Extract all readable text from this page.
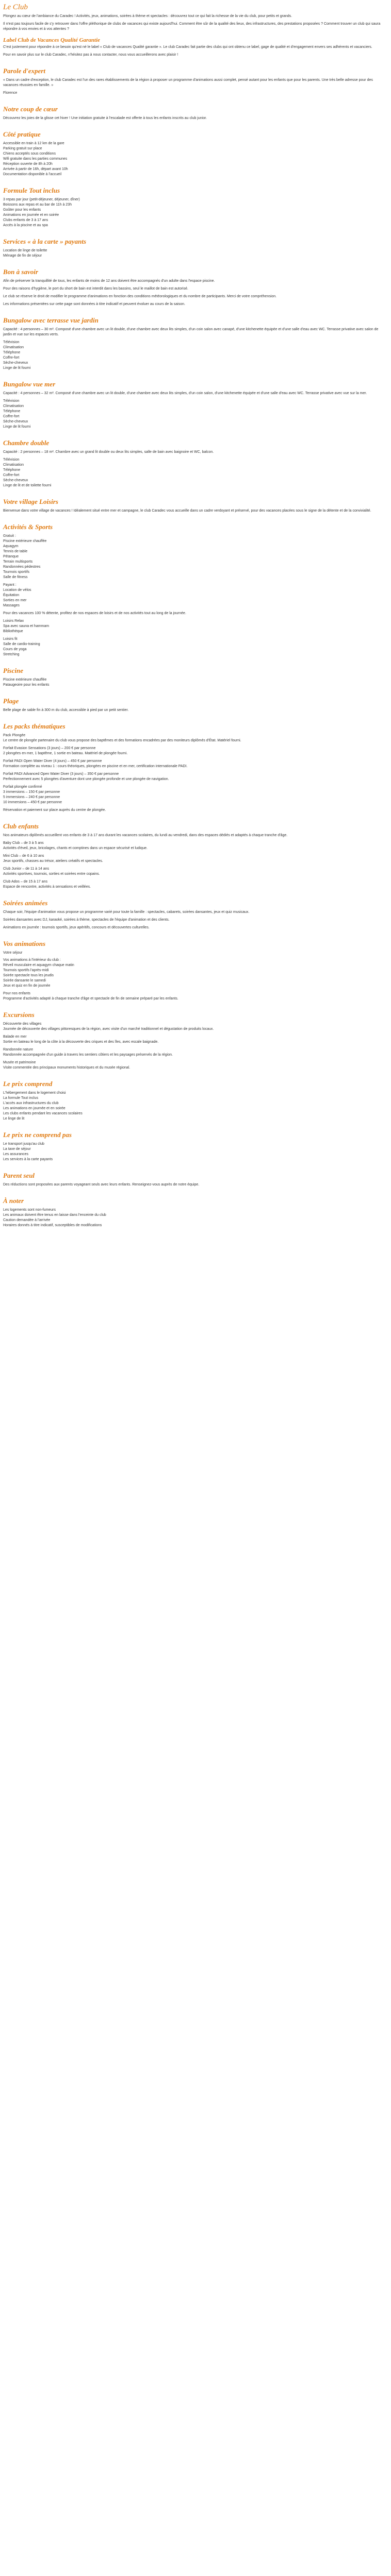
Le Club

Plongez au cœur de l'ambiance du Caradec ! Activités, jeux, animations, soirées à thème et spectacles : découvrez tout ce qui fait la richesse de la vie du club, pour petits et grands.

Il n'est pas toujours facile de s'y retrouver dans l'offre pléthorique de clubs de vacances qui existe aujourd'hui. Comment être sûr de la qualité des lieux, des infrastructures, des prestations proposées ? Comment trouver un club qui saura répondre à vos envies et à vos attentes ?

Label Club de Vacances Qualité Garantie

C'est justement pour répondre à ce besoin qu'est né le label « Club de vacances Qualité garantie ». Le club Caradec fait partie des clubs qui ont obtenu ce label, gage de qualité et d'engagement envers ses adhérents et vacanciers.

Pour en savoir plus sur le club Caradec, n'hésitez pas à nous contacter, nous vous accueillerons avec plaisir !

Parole d'expert

« Dans un cadre d'exception, le club Caradec est l'un des rares établissements de la région à proposer un programme d'animations aussi complet, pensé autant pour les enfants que pour les parents. Une très belle adresse pour des vacances réussies en famille. »

Florence

Notre coup de cœur

Découvrez les joies de la glisse cet hiver ! Une initiation gratuite à l'escalade est offerte à tous les enfants inscrits au club junior.

Côté pratique
Accessible en train à 12 km de la gare
Parking gratuit sur place
Chiens acceptés sous conditions
Wifi gratuite dans les parties communes
Réception ouverte de 8h à 20h
Arrivée à partir de 16h, départ avant 10h
Documentation disponible à l'accueil
Formule Tout inclus
3 repas par jour (petit-déjeuner, déjeuner, dîner)
Boissons aux repas et au bar de 11h à 23h
Goûter pour les enfants
Animations en journée et en soirée
Clubs enfants de 3 à 17 ans
Accès à la piscine et au spa
Services « à la carte » payants
Location de linge de toilette
Ménage de fin de séjour
Bon à savoir

Afin de préserver la tranquillité de tous, les enfants de moins de 12 ans doivent être accompagnés d'un adulte dans l'espace piscine.

Pour des raisons d'hygiène, le port du short de bain est interdit dans les bassins, seul le maillot de bain est autorisé.

Le club se réserve le droit de modifier le programme d'animations en fonction des conditions météorologiques et du nombre de participants. Merci de votre compréhension.

Les informations présentées sur cette page sont données à titre indicatif et peuvent évoluer au cours de la saison.

Bungalow avec terrasse vue jardin

Capacité : 4 personnes – 30 m². Composé d'une chambre avec un lit double, d'une chambre avec deux lits simples, d'un coin salon avec canapé, d'une kitchenette équipée et d'une salle d'eau avec WC. Terrasse privative avec salon de jardin et vue sur les espaces verts.

Télévision
Climatisation
Téléphone
Coffre-fort
Sèche-cheveux
Linge de lit fourni
Bungalow vue mer

Capacité : 4 personnes – 32 m². Composé d'une chambre avec un lit double, d'une chambre avec deux lits simples, d'un coin salon, d'une kitchenette équipée et d'une salle d'eau avec WC. Terrasse privative avec vue sur la mer.

Télévision
Climatisation
Téléphone
Coffre-fort
Sèche-cheveux
Linge de lit fourni
Chambre double

Capacité : 2 personnes – 18 m². Chambre avec un grand lit double ou deux lits simples, salle de bain avec baignoire et WC, balcon.

Télévision
Climatisation
Téléphone
Coffre-fort
Sèche-cheveux
Linge de lit et de toilette fourni
Votre village Loisirs

Bienvenue dans votre village de vacances ! Idéalement situé entre mer et campagne, le club Caradec vous accueille dans un cadre verdoyant et préservé, pour des vacances placées sous le signe de la détente et de la convivialité.

Activités & Sports
Gratuit :
Piscine extérieure chauffée
Aquagym
Tennis de table
Pétanque
Terrain multisports
Randonnées pédestres
Tournois sportifs
Salle de fitness
Payant :
Location de vélos
Équitation
Sorties en mer
Massages

Pour des vacances 100 % détente, profitez de nos espaces de loisirs et de nos activités tout au long de la journée.

Loisirs Relax
Spa avec sauna et hammam
Bibliothèque
Loisirs fit
Salle de cardio-training
Cours de yoga
Stretching
Piscine
Piscine extérieure chauffée
Pataugeoire pour les enfants
Plage

Belle plage de sable fin à 300 m du club, accessible à pied par un petit sentier.

Les packs thématiques
Pack Plongée

Le centre de plongée partenaire du club vous propose des baptêmes et des formations encadrées par des moniteurs diplômés d'État. Matériel fourni.

Forfait Evasion Sensations (3 jours) – 200 € par personne

2 plongées en mer, 1 baptême, 1 sortie en bateau. Matériel de plongée fourni.

Forfait PADI Open Water Diver (4 jours) – 450 € par personne

Formation complète au niveau 1 : cours théoriques, plongées en piscine et en mer, certification internationale PADI.

Forfait PADI Advanced Open Water Diver (3 jours) – 350 € par personne

Perfectionnement avec 5 plongées d'aventure dont une plongée profonde et une plongée de navigation.

Forfait plongée confirmé
3 immersions – 150 € par personne
5 immersions – 240 € par personne
10 immersions – 450 € par personne

Réservation et paiement sur place auprès du centre de plongée.

Club enfants

Nos animateurs diplômés accueillent vos enfants de 3 à 17 ans durant les vacances scolaires, du lundi au vendredi, dans des espaces dédiés et adaptés à chaque tranche d'âge.

Baby Club – de 3 à 5 ans

Activités d'éveil, jeux, bricolages, chants et comptines dans un espace sécurisé et ludique.

Mini Club – de 6 à 10 ans

Jeux sportifs, chasses au trésor, ateliers créatifs et spectacles.

Club Junior – de 11 à 14 ans

Activités sportives, tournois, sorties et soirées entre copains.

Club Ados – de 15 à 17 ans

Espace de rencontre, activités à sensations et veillées.

Soirées animées

Chaque soir, l'équipe d'animation vous propose un programme varié pour toute la famille : spectacles, cabarets, soirées dansantes, jeux et quiz musicaux.

Soirées dansantes avec DJ, karaoké, soirées à thème, spectacles de l'équipe d'animation et des clients.

Animations en journée : tournois sportifs, jeux apéritifs, concours et découvertes culturelles.

Vos animations
Votre séjour
Vos animations à l'intérieur du club :
Réveil musculaire et aquagym chaque matin
Tournois sportifs l'après-midi
Soirée spectacle tous les jeudis
Soirée dansante le samedi
Jeux et quiz en fin de journée
Pour nos enfants

Programme d'activités adapté à chaque tranche d'âge et spectacle de fin de semaine préparé par les enfants.

Excursions
Découverte des villages

Journée de découverte des villages pittoresques de la région, avec visite d'un marché traditionnel et dégustation de produits locaux.

Balade en mer

Sortie en bateau le long de la côte à la découverte des criques et des îles, avec escale baignade.

Randonnée nature

Randonnée accompagnée d'un guide à travers les sentiers côtiers et les paysages préservés de la région.

Musée et patrimoine

Visite commentée des principaux monuments historiques et du musée régional.

Le prix comprend
L'hébergement dans le logement choisi
La formule Tout inclus
L'accès aux infrastructures du club
Les animations en journée et en soirée
Les clubs enfants pendant les vacances scolaires
Le linge de lit
Le prix ne comprend pas
Le transport jusqu'au club
La taxe de séjour
Les assurances
Les services à la carte payants
Parent seul

Des réductions sont proposées aux parents voyageant seuls avec leurs enfants. Renseignez-vous auprès de notre équipe.

À noter
Les logements sont non-fumeurs
Les animaux doivent être tenus en laisse dans l'enceinte du club
Caution demandée à l'arrivée
Horaires donnés à titre indicatif, susceptibles de modifications
